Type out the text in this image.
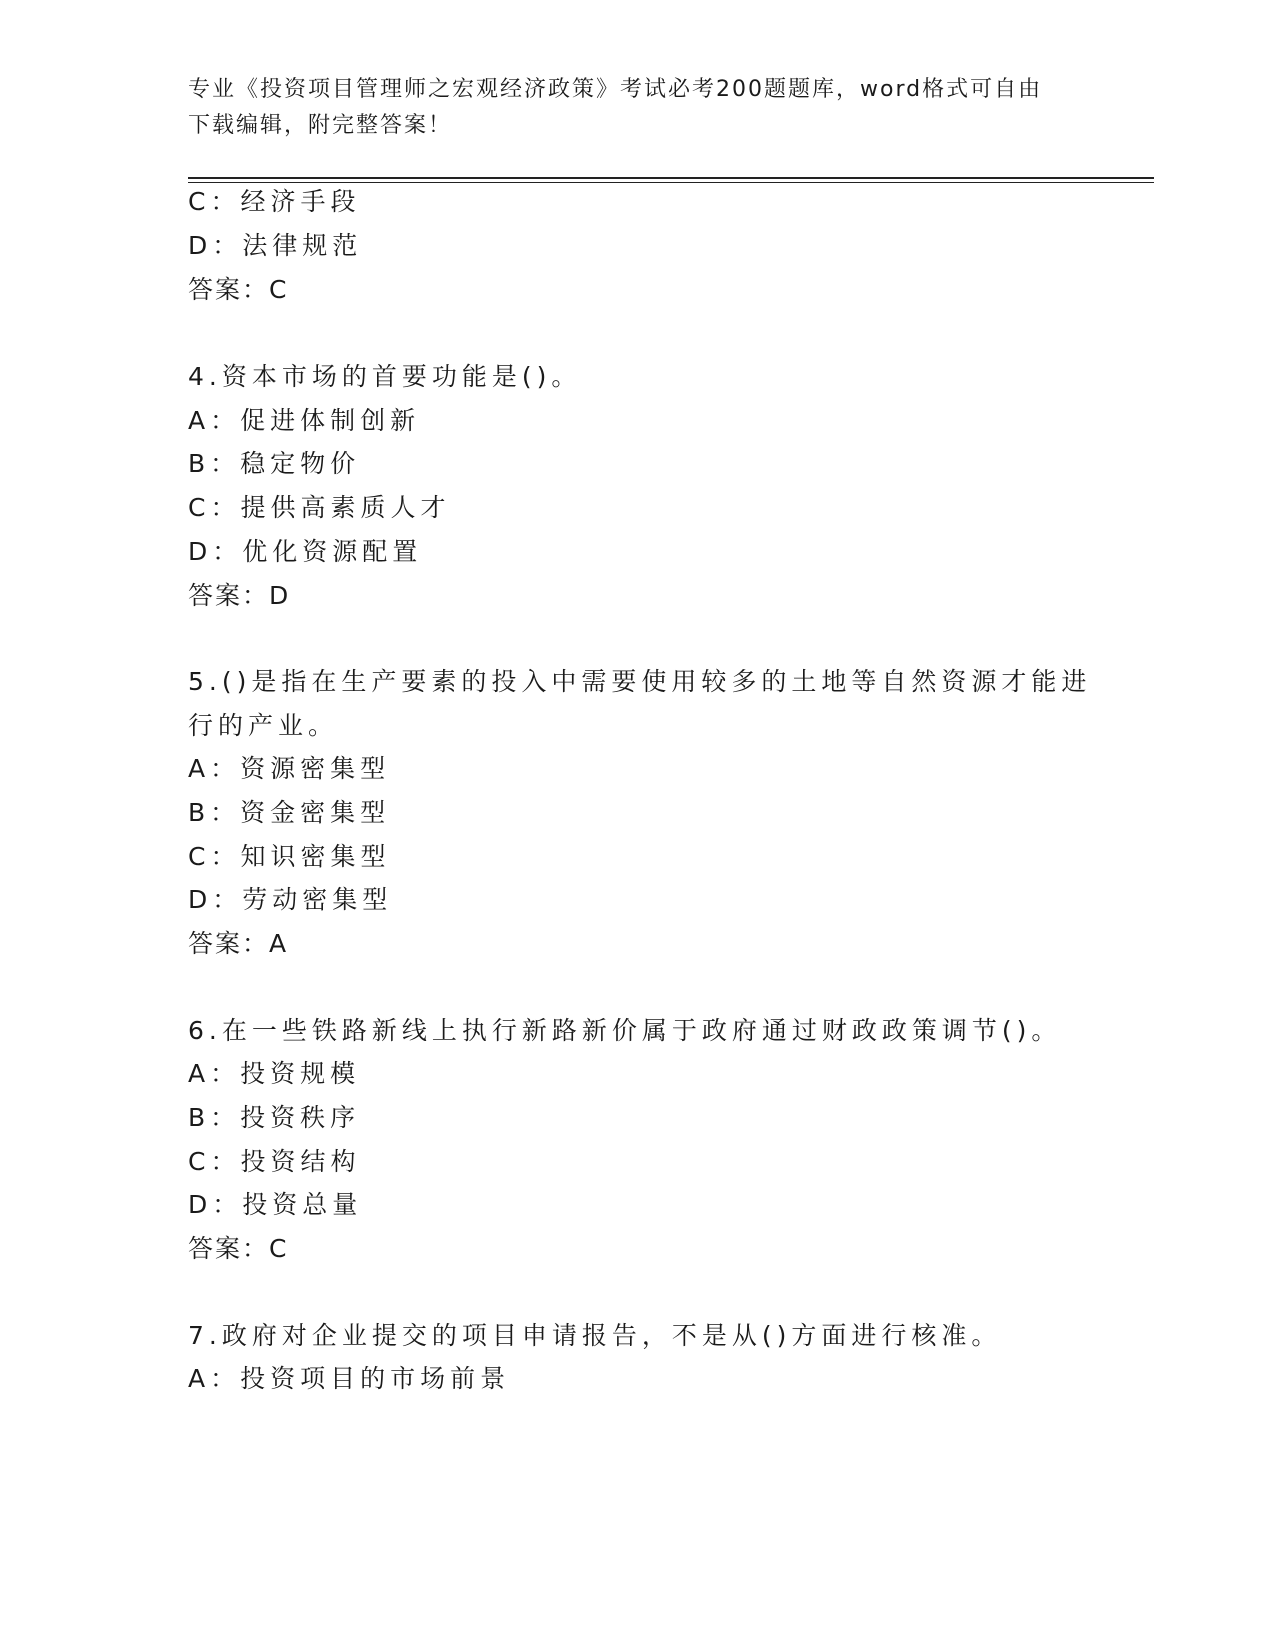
专业《投资项目管理师之宏观经济政策》考试必考200题题库，word格式可自由
下载编辑，附完整答案！
C：经济手段
D：法律规范
答案：C
4.资本市场的首要功能是()。
A：促进体制创新
B：稳定物价
C：提供高素质人才
D：优化资源配置
答案：D
5.()是指在生产要素的投入中需要使用较多的土地等自然资源才能进
行的产业。
A：资源密集型
B：资金密集型
C：知识密集型
D：劳动密集型
答案：A
6.在一些铁路新线上执行新路新价属于政府通过财政政策调节()。
A：投资规模
B：投资秩序
C：投资结构
D：投资总量
答案：C
7.政府对企业提交的项目申请报告，不是从()方面进行核准。
A：投资项目的市场前景
